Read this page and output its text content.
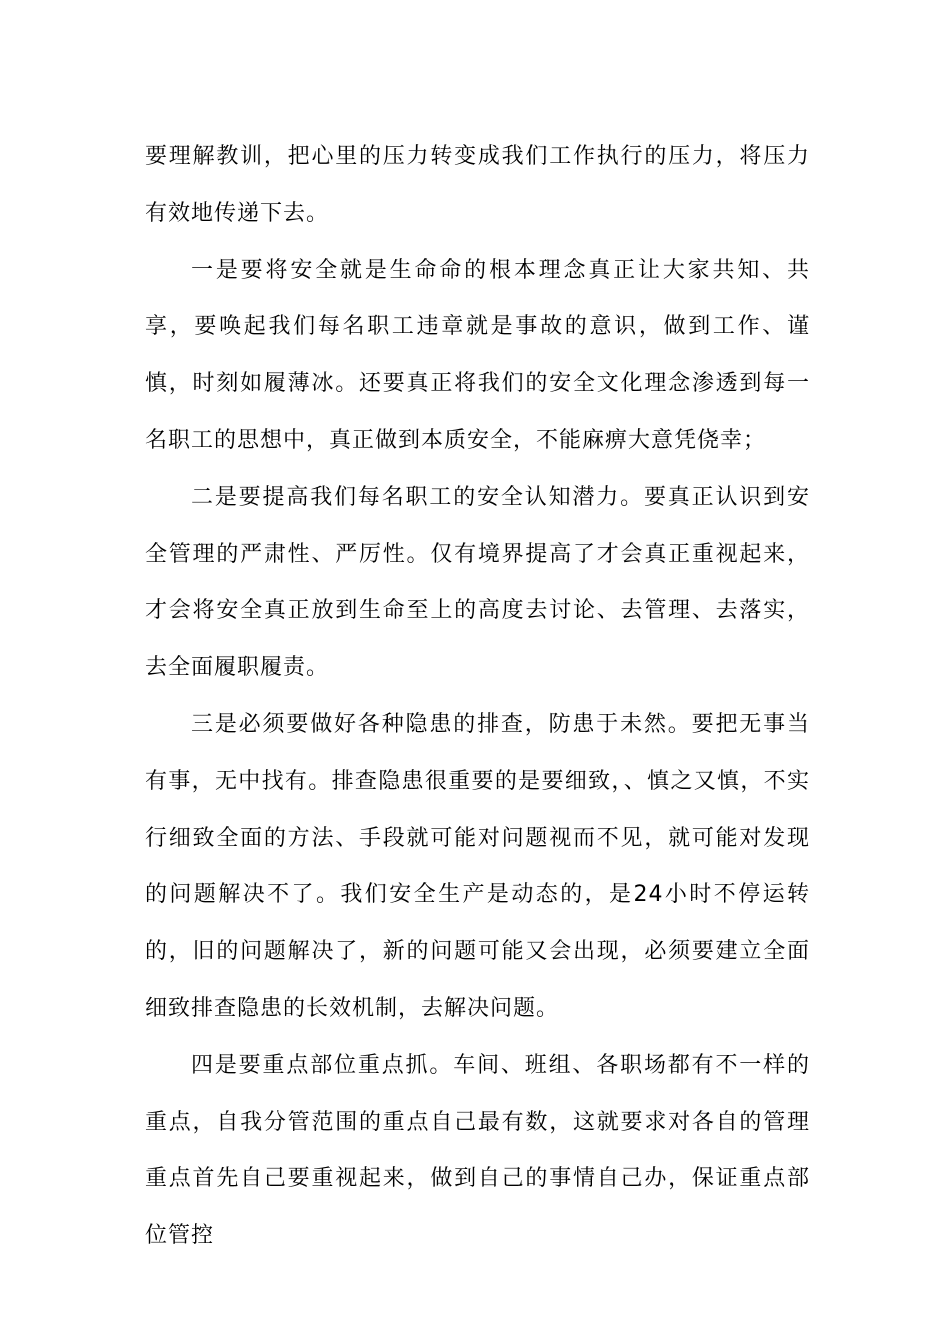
要理解教训，把心里的压力转变成我们工作执行的压力，将压力有效地传递下去。

一是要将安全就是生命命的根本理念真正让大家共知、共享，要唤起我们每名职工违章就是事故的意识，做到工作、谨慎，时刻如履薄冰。还要真正将我们的安全文化理念渗透到每一名职工的思想中，真正做到本质安全，不能麻痹大意凭侥幸；

二是要提高我们每名职工的安全认知潜力。要真正认识到安全管理的严肃性、严厉性。仅有境界提高了才会真正重视起来，才会将安全真正放到生命至上的高度去讨论、去管理、去落实，去全面履职履责。

三是必须要做好各种隐患的排查，防患于未然。要把无事当有事，无中找有。排查隐患很重要的是要细致，、慎之又慎，不实行细致全面的方法、手段就可能对问题视而不见，就可能对发现的问题解决不了。我们安全生产是动态的，是24小时不停运转的，旧的问题解决了，新的问题可能又会出现，必须要建立全面细致排查隐患的长效机制，去解决问题。

四是要重点部位重点抓。车间、班组、各职场都有不一样的重点，自我分管范围的重点自己最有数，这就要求对各自的管理重点首先自己要重视起来，做到自己的事情自己办，保证重点部位管控
